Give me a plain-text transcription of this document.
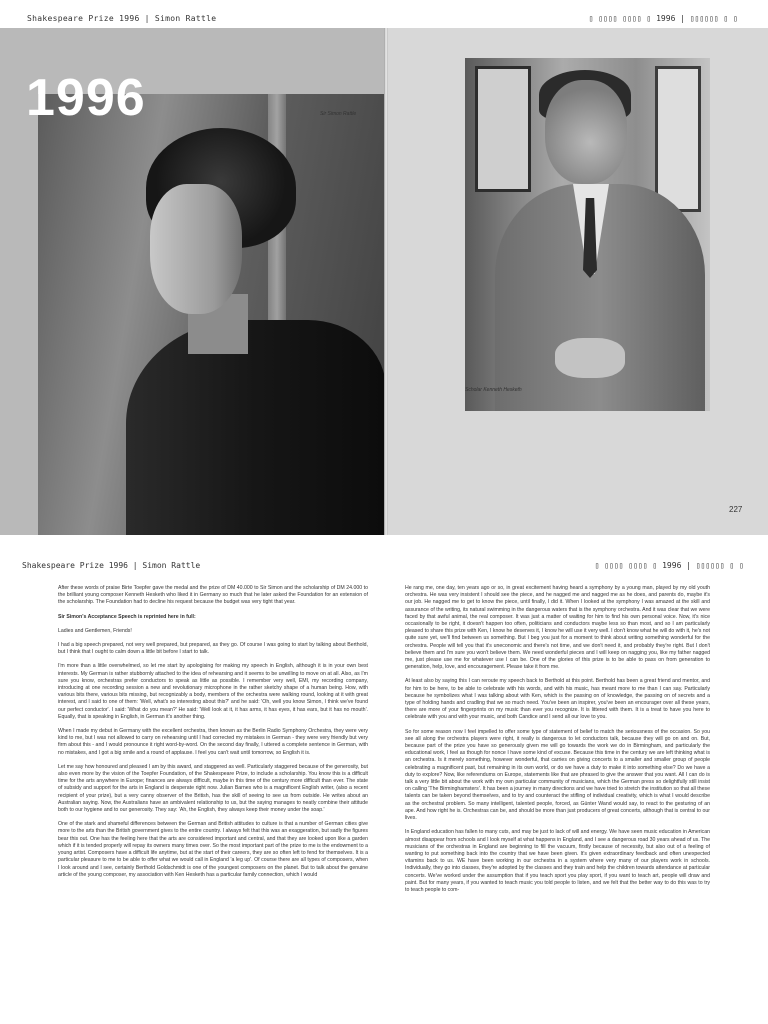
Shakespeare Prize 1996 | Simon Rattle	▯ ▯▯▯▯ ▯▯▯▯ ▯ 1996 | ▯▯▯▯▯▯ ▯ ▯
1996	Sir Simon Rattle
Scholar Kenneth Hesketh
227
Shakespeare Prize 1996 | Simon Rattle	▯ ▯▯▯▯ ▯▯▯▯ ▯ 1996 | ▯▯▯▯▯▯ ▯ ▯

After these words of praise Birte Toepfer gave the medal and the prize of DM 40.000 to Sir Simon and the scholarship of DM 24.000 to the brilliant young composer Kenneth Hesketh who liked it in Germany so much that he later asked the Foundation for an extension of the scholarship. The Foundation had to decline his request because the budget was very tight that year.

Sir Simon's Acceptance Speech is reprinted here in full:

Ladies and Gentlemen, Friends!

I had a big speech prepared, not very well prepared, but prepared, as they go. Of course I was going to start by talking about Berthold, but I think that I ought to calm down a little bit before I start to talk.

I'm more than a little overwhelmed, so let me start by apologising for making my speech in English, although it is in your own best interests. My German is rather stubbornly attached to the idea of rehearsing and it seems to be unwilling to move on at all. Also, as I'm sure you know, orchestras prefer conductors to speak as little as possible. I remember very well, EMI, my recording company, introducing at one recording session a new and revolutionary microphone in the rather sketchy shape of a human being. How, with various bits there, various bits missing, but recognizably a body, members of the orchestra were walking round, looking at it with great interest, and I said to one of them: 'Well, what's so interesting about this?' and he said: 'Oh, well you know Simon, I think we've found our perfect conductor'. I said: 'What do you mean?' He said: 'Well look at it, it has arms, it has eyes, it has ears, but it has no mouth'. Equally, that is speaking in English, in German it's another thing.

When I made my debut in Germany with the excellent orchestra, then known as the Berlin Radio Symphony Orchestra, they were very kind to me, but I was not allowed to carry on rehearsing until I had corrected my mistakes in German - they were very friendly but very firm about this - and I would pronounce it right word-by-word. On the second day finally, I uttered a complete sentence in German, with no mistakes, and I got a big smile and a round of applause. I feel you can't wait until tomorrow, so English it is.

Let me say how honoured and pleased I am by this award, and staggered as well. Particularly staggered because of the generosity, but also even more by the vision of the Toepfer Foundation, of the Shakespeare Prize, to include a scholarship. You know this is a difficult time for the arts anywhere in Europe; finances are always difficult, maybe in this time of the century more difficult than ever. The state of subsidy and support for the arts in England is desperate right now. Julian Barnes who is a magnificent English writer, (also a recent recipient of your prize), but a very canny observer of the British, has the skill of seeing to see us from outside. He writes about an Australian saying. Now, the Australians have an ambivalent relationship to us, but the saying manages to neatly combine their attitude both to our hygiene and to our generosity. They say: 'Ah, the English, they always keep their money under the soap.'

One of the stark and shameful differences between the German and British attitudes to culture is that a number of German cities give more to the arts than the British government gives to the entire country. I always felt that this was an exaggeration, but sadly the figures bear this out. One has the feeling here that the arts are considered important and central, and that they are looked upon like a garden which if it is tended properly will repay its owners many times over. So the most important part of the prize to me is the endowment to a young artist. Composers have a difficult life anytime, but at the start of their careers, they are so often left to fend for themselves. It is a particular pleasure to me to be able to offer what we would call in England 'a leg up'. Of course there are all types of composers, when I look around and I see, certainly Berthold Goldschmidt is one of the youngest composers on the planet. But to talk about the genuine article of the young composer, my association with Ken Hesketh has a particular family connection, which I would

He rang me, one day, ten years ago or so, in great excitement having heard a symphony by a young man, played by my old youth orchestra. He was very insistent I should see the piece, and he nagged me and nagged me as he does, and parents do, maybe it's our job. He nagged me to get to know the piece, until finally, I did it. When I looked at the symphony I was amazed at the skill and assurance of the writing, its natural swimming in the dangerous waters that is the symphony orchestra. And it was clear that we were faced by that awful animal, the real composer. It was just a matter of waiting for him to find his own personal voice. Now, it's nice occasionally to be right, it doesn't happen too often, politicians and conductors maybe less so than most, and so I am particularly pleased to share this prize with Ken, I know he deserves it, I know he will use it very well. I don't know what he will do with it, he's not quite sure yet, we'll find between us something. But I beg you just for a moment to think about writing something wonderful for the orchestra. People will tell you that it's uneconomic and there's not time, and we don't need it, and probably they're right. But I don't believe them and I'm sure you won't believe them. We need wonderful pieces and I will keep on nagging you, like my father nagged me, just please use me for whatever use I can be. One of the glories of this prize is to be able to pass on from generation to generation, help, love, and encouragement. Please take it from me.

At least also by saying this I can reroute my speech back to Berthold at this point. Berthold has been a great friend and mentor, and for him to be here, to be able to celebrate with his words, and with his music, has meant more to me than I can say. Particularly because he symbolizes what I was talking about with Ken, which is the passing on of knowledge, the passing on of secrets and a type of holding hands and cradling that we so much need. You've been an inspirer, you've been an encourager over all these years, there are more of your fingerprints on my music than ever you recognize. It is littered with them. It is a treat to have you here to celebrate with you and with your music, and both Candice and I send all our love to you.

So for some reason now I feel impelled to offer some type of statement of belief to match the seriousness of the occasion. So you see all along the orchestra players were right, it really is dangerous to let conductors talk, because they will go on and on. But, because part of the prize you have so generously given me will go towards the work we do in Birmingham, and particularly the educational work, I feel as though for nonce I have some kind of excuse. Because this time in the century we are left thinking what is an orchestra. Is it merely something, however wonderful, that carries on giving concerts to a smaller and smaller group of people celebrating a magnificent past, but remaining in its own world, or do we have a duty to make it into something else? Do we have a duty to explore? Now, like referendums on Europe, statements like that are phrased to give the answer that you want. All I can do is talk a very little bit about the work with my own particular community of musicians, which the German press so delightfully still insist on calling 'The Birminghamsters'. It has been a journey in many directions and we have tried to stretch the institution so that all these talents can be taken beyond themselves, and to try and counteract the stifling of individual creativity, which is what I would describe as the orchestral problem. So many intelligent, talented people, forced, as Günter Wand would say, to react to the gesturing of an ape. And how right he is. Orchestras can be, and should be more than just producers of great concerts, although that is central to our lives.

In England education has fallen to many cuts, and may be just to lack of will and energy. We have seen music education in American almost disappear from schools and I look myself at what happens in England, and I see a dangerous road 30 years ahead of us. The musicians of the orchestras in England are beginning to fill the vacuum, firstly because of necessity, but also out of a feeling of wanting to put something back into the country that we have been given. It's given extraordinary feedback and often unexpected vitamins back to us. WE have been working in our orchestra in a system where very many of our players work in schools. Individually, they go into classes, they're adopted by the classes and they train and help the children towards attendance at particular concerts. We've worked under the assumption that if you teach sport you play sport, if you want to teach art, people will draw and paint. But for many years, if you wanted to teach music you told people to listen, and we felt that the better way to do this was to try to teach people to com-
